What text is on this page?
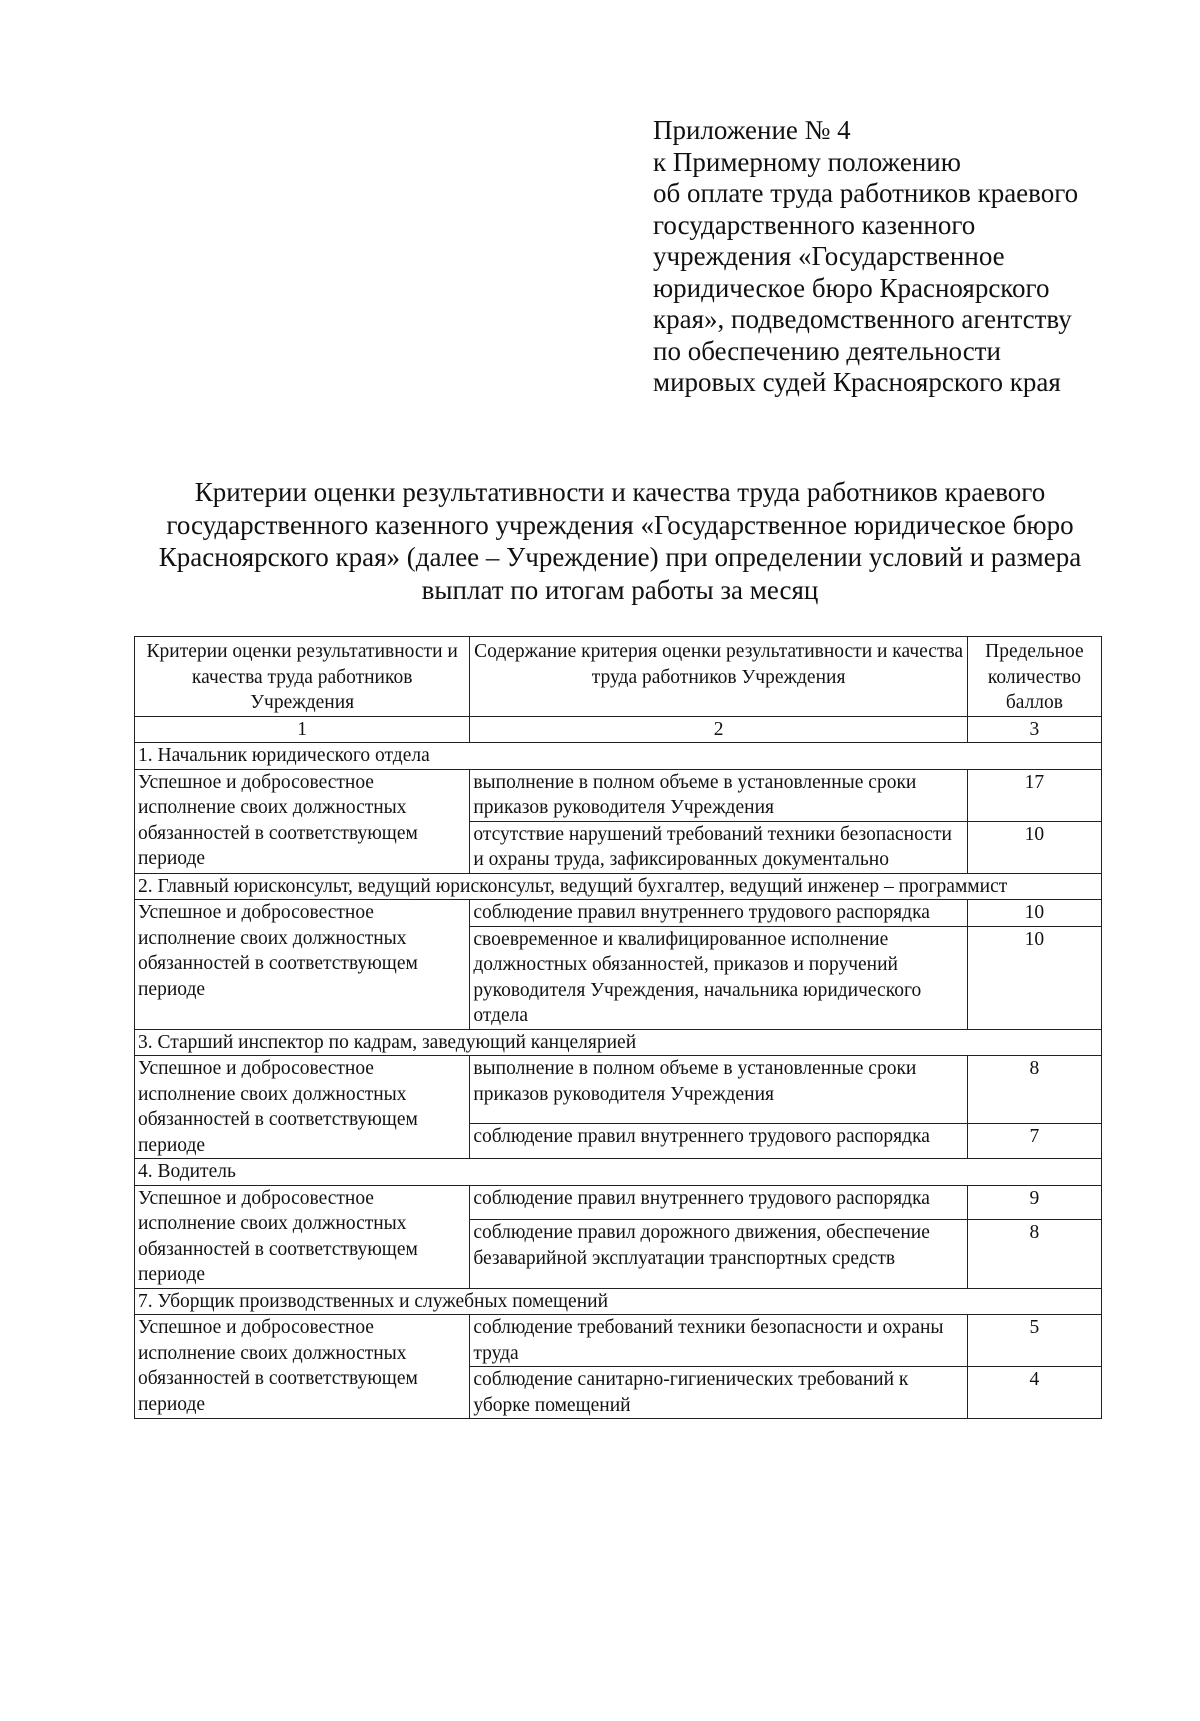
Приложение № 4
к Примерному положению
об оплате труда работников краевого
государственного казенного
учреждения «Государственное
юридическое бюро Красноярского
края», подведомственного агентству
по обеспечению деятельности
мировых судей Красноярского края
Критерии оценки результативности и качества труда работников краевого
государственного казенного учреждения «Государственное юридическое бюро
Красноярского края» (далее – Учреждение) при определении условий и размера
выплат по итогам работы за месяц
Критерии оценки результативности и качества труда работников Учреждения	Содержание критерия оценки результативности и качества труда работников Учреждения	Предельное количество баллов
1	2	3
1. Начальник юридического отдела		
Успешное и добросовестное исполнение своих должностных обязанностей в соответствующем периоде	выполнение в полном объеме в установленные сроки приказов руководителя Учреждения	17
	отсутствие нарушений требований техники безопасности и охраны труда, зафиксированных документально	10
2. Главный юрисконсульт, ведущий юрисконсульт, ведущий бухгалтер, ведущий инженер – программист		
Успешное и добросовестное исполнение своих должностных обязанностей в соответствующем периоде	соблюдение правил внутреннего трудового распорядка	10
	своевременное и квалифицированное исполнение должностных обязанностей, приказов и поручений руководителя Учреждения, начальника юридического отдела	10
3. Старший инспектор по кадрам, заведующий канцелярией		
Успешное и добросовестное исполнение своих должностных обязанностей в соответствующем периоде	выполнение в полном объеме в установленные сроки приказов руководителя Учреждения	8
	соблюдение правил внутреннего трудового распорядка	7
4. Водитель		
Успешное и добросовестное исполнение своих должностных обязанностей в соответствующем периоде	соблюдение правил внутреннего трудового распорядка	9
	соблюдение правил дорожного движения, обеспечение безаварийной эксплуатации транспортных средств	8
7. Уборщик производственных и служебных помещений		
Успешное и добросовестное исполнение своих должностных обязанностей в соответствующем периоде	соблюдение требований техники безопасности и охраны труда	5
	соблюдение санитарно-гигиенических требований к уборке помещений	4
